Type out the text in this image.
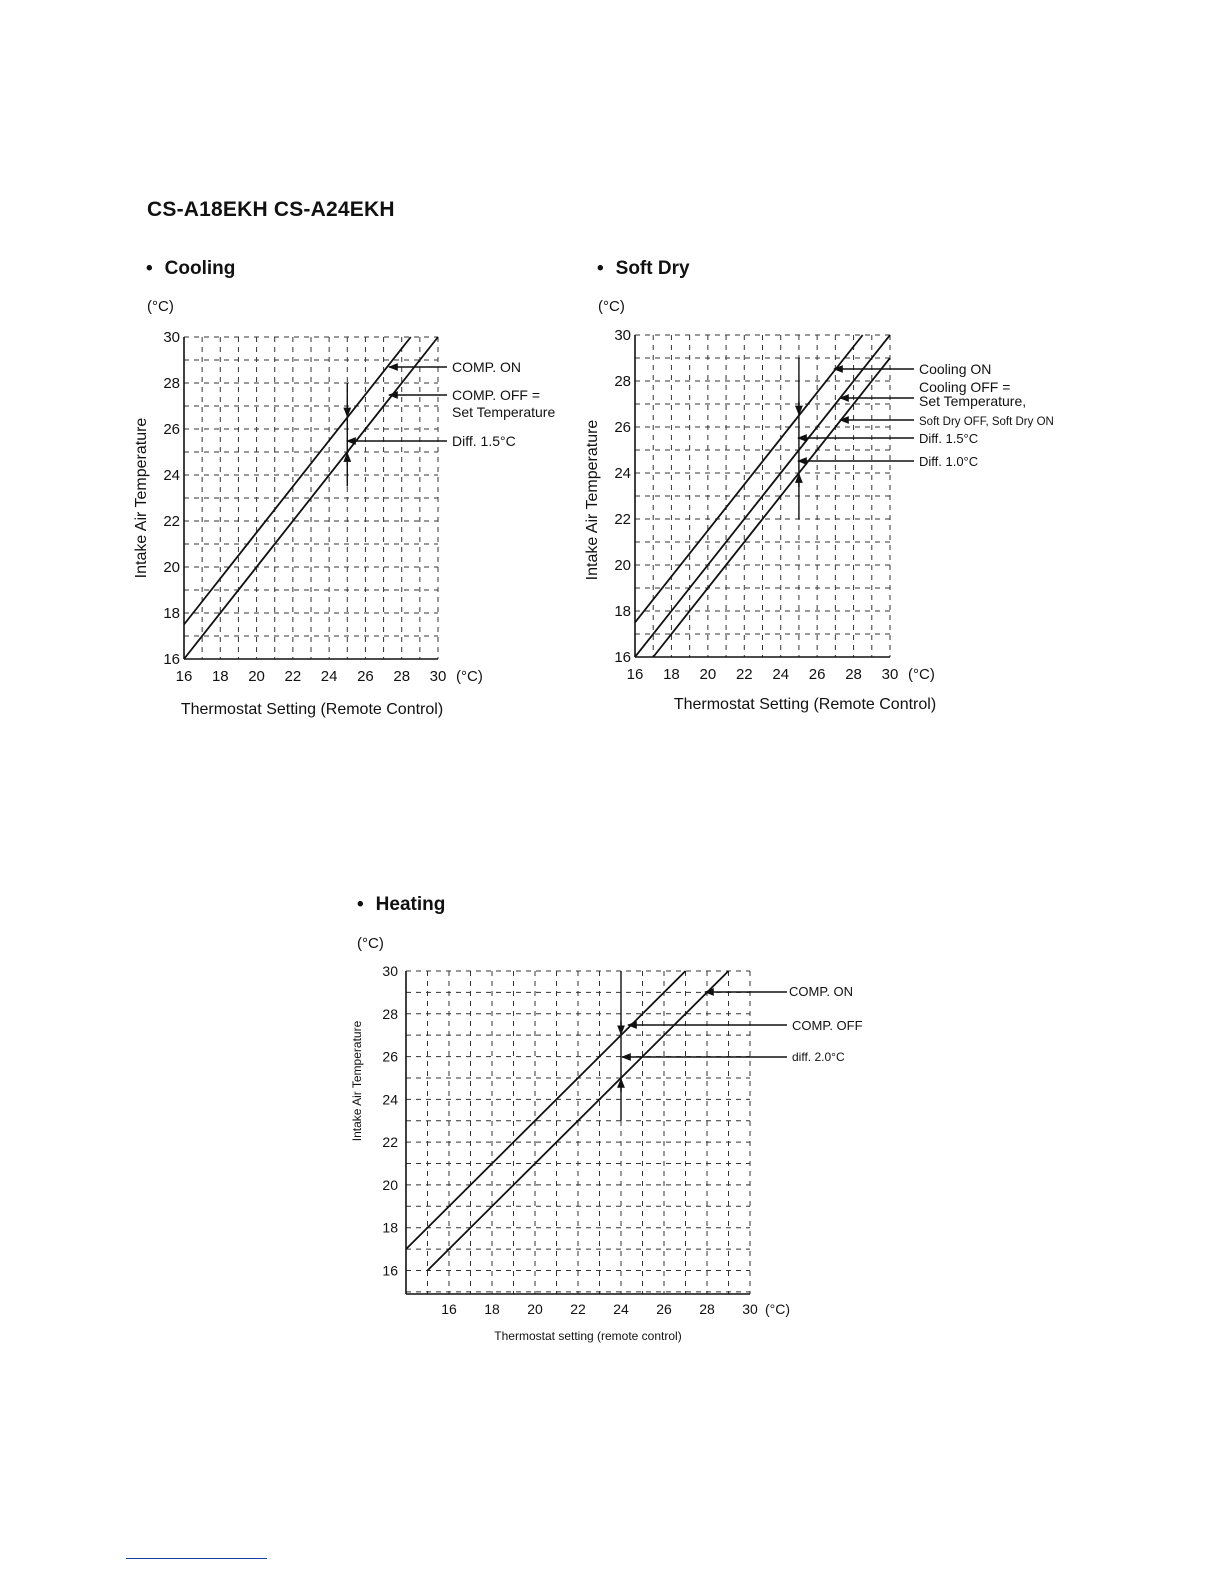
CS-A18EKH CS-A24EKH
• Cooling	• Soft Dry
• Heating
16
18
20
22
24
26
28
30
16 18 20 22 24 26 28 30 (°C)
(°C)
Thermostat Setting (Remote Control)
Intake Air Temperature
COMP. ON
COMP. OFF =
Set Temperature
Diff. 1.5°C
16
18
20
22
24
26
28
30
16 18 20 22 24 26 28 30 (°C)
(°C)
Thermostat Setting (Remote Control)
Intake Air Temperature
Cooling ON
Cooling OFF =
Set Temperature,
Soft Dry OFF, Soft Dry ON
Diff. 1.5°C
Diff. 1.0°C
16
18
20
22
24
26
28
30
16 18 20 22 24 26 28 30 (°C)
(°C)
Thermostat setting (remote control)
Intake Air Temperature
COMP. ON
COMP. OFF
diff. 2.0°C
